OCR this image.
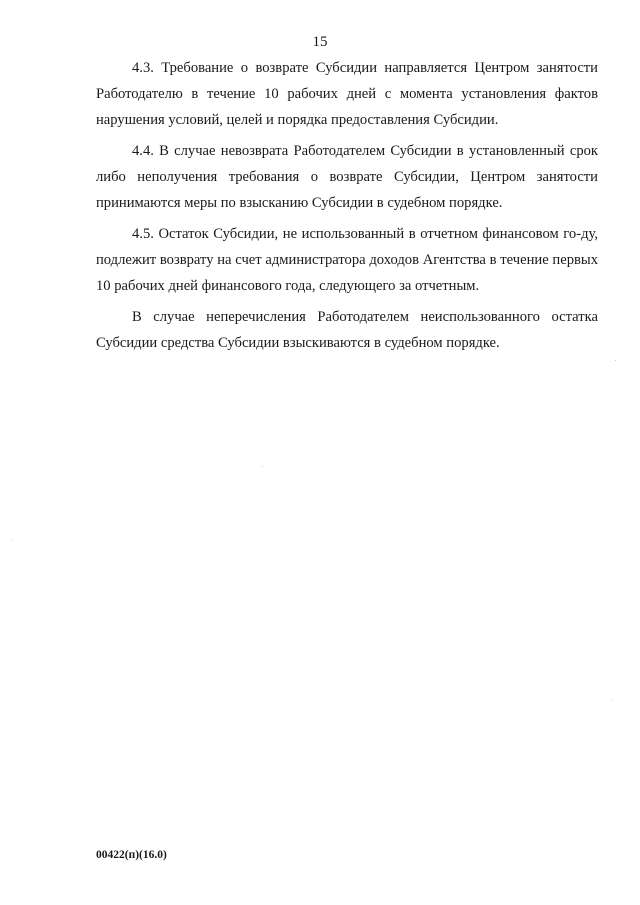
15

4.3. Требование о возврате Субсидии направляется Центром занятости Работодателю в течение 10 рабочих дней с момента установления фактов нарушения условий, целей и порядка предоставления Субсидии.

4.4. В случае невозврата Работодателем Субсидии в установленный срок либо неполучения требования о возврате Субсидии, Центром занятости принимаются меры по взысканию Субсидии в судебном порядке.

4.5. Остаток Субсидии, не использованный в отчетном финансовом го-ду, подлежит возврату на счет администратора доходов Агентства в течение первых 10 рабочих дней финансового года, следующего за отчетным.

В случае неперечисления Работодателем неиспользованного остатка Субсидии средства Субсидии взыскиваются в судебном порядке.

00422(п)(16.0)
